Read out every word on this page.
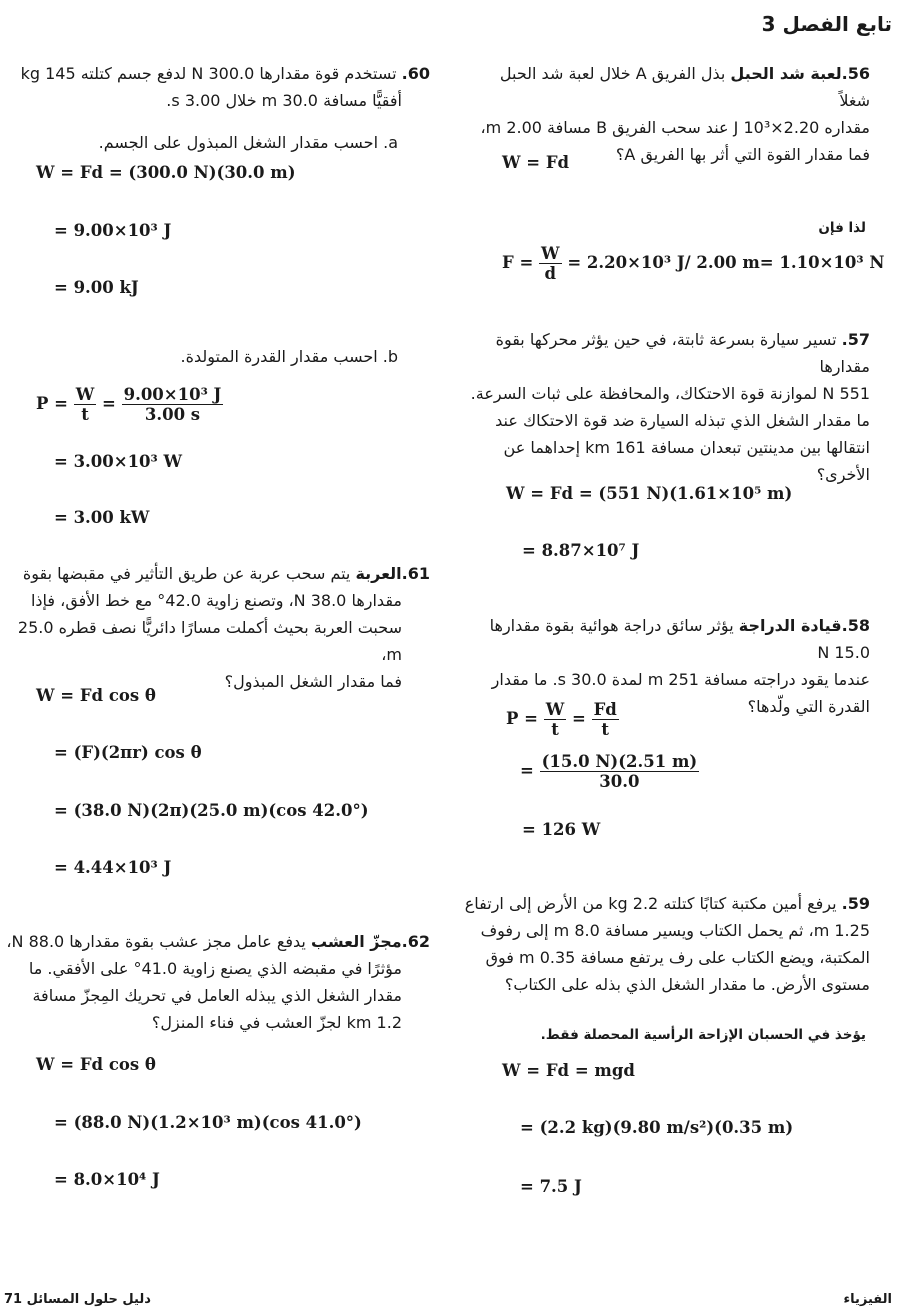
تابع الفصل 3
56.لعبة شد الحبل بذل الفريق A خلال لعبة شد الحبل شغلاً
مقداره 2.20×10³ J عند سحب الفريق B مسافة 2.00 m،
فما مقدار القوة التي أثر بها الفريق A؟
W = Fd
لذا فإن
$F = \frac{W}{d} = 2.20\times 10^3$ J/ 2.00 m= 1.10×10³ N
57. تسير سيارة بسرعة ثابتة، في حين يؤثر محركها بقوة مقدارها
551 N لموازنة قوة الاحتكاك، والمحافظة على ثبات السرعة.
ما مقدار الشغل الذي تبذله السيارة ضد قوة الاحتكاك عند
انتقالها بين مدينتين تبعدان مسافة 161 km إحداهما عن
الأخرى؟
W = Fd = (551 N)(1.61×10⁵ m)
= 8.87×10⁷ J
58.قيادة الدراجة يؤثر سائق دراجة هوائية بقوة مقدارها 15.0 N
عندما يقود دراجته مسافة 251 m لمدة 30.0 s. ما مقدار
القدرة التي ولّدها؟
$P = \frac{W}{t} = \frac{Fd}{t}$
= $\frac{(15.0 N)(2.51 m)}{30.0}$
= 126 W
59. يرفع أمين مكتبة كتابًا كتلته 2.2 kg من الأرض إلى ارتفاع
1.25 m، ثم يحمل الكتاب ويسير مسافة 8.0 m إلى رفوف
المكتبة، ويضع الكتاب على رف يرتفع مسافة 0.35 m فوق
مستوى الأرض. ما مقدار الشغل الذي بذله على الكتاب؟
يؤخذ في الحسبان الإزاحة الرأسية المحصلة فقط.
W = Fd = mgd
= (2.2 kg)(9.80 m/s²)(0.35 m)
= 7.5 J
60. تستخدم قوة مقدارها 300.0 N لدفع جسم كتلته 145 kg
أفقيًّا مسافة 30.0 m خلال 3.00 s.
a. احسب مقدار الشغل المبذول على الجسم.
W = Fd = (300.0 N)(30.0 m)
= 9.00×10³ J
= 9.00 kJ
b. احسب مقدار القدرة المتولدة.
$P = \frac{W}{t} = \frac{\text{9.00×10³ J}}{3.00 s}$
= 3.00×10³ W
= 3.00 kW
61.العربة يتم سحب عربة عن طريق التأثير في مقبضها بقوة
مقدارها 38.0 N، وتصنع زاوية 42.0° مع خط الأفق، فإذا
سحبت العربة بحيث أكملت مسارًا دائريًّا نصف قطره 25.0 m،
فما مقدار الشغل المبذول؟
W = Fd cos θ
= (F)(2πr) cos θ
= (38.0 N)(2π)(25.0 m)(cos 42.0°)
= 4.44×10³ J
62.مجزّ العشب يدفع عامل مجز عشب بقوة مقدارها 88.0 N،
مؤثرًا في مقبضه الذي يصنع زاوية 41.0° على الأفقي. ما
مقدار الشغل الذي يبذله العامل في تحريك المِجزّ مسافة
1.2 km لجزّ العشب في فناء المنزل؟
W = Fd cos θ
= (88.0 N)(1.2×10³ m)(cos 41.0°)
= 8.0×10⁴ J
دليل حلول المسائل 71	الفيزياء
